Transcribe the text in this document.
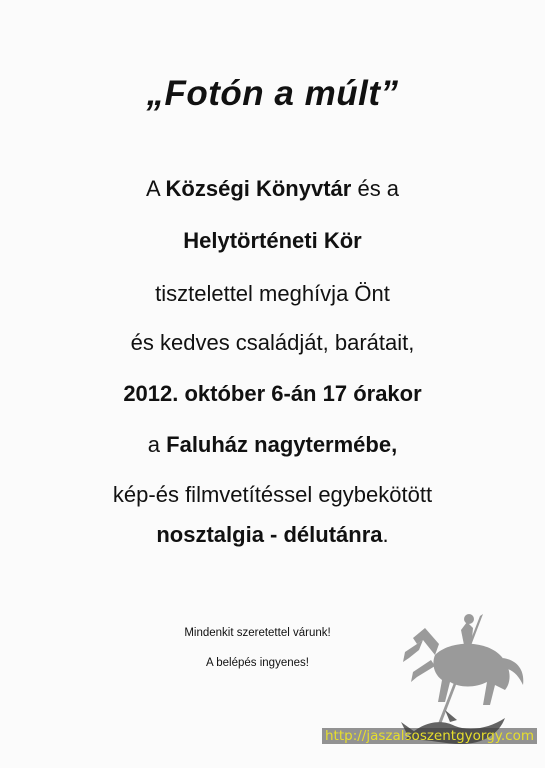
„Fotón a múlt”
A Községi Könyvtár és a
Helytörténeti Kör
tisztelettel meghívja Önt
és kedves családját, barátait,
2012. október 6-án 17 órakor
a Faluház nagytermébe,
kép-és filmvetítéssel egybekötött
nosztalgia - délutánra.
Mindenkit szeretettel várunk!
A belépés ingyenes!
http://jaszalsoszentgyorgy.com
